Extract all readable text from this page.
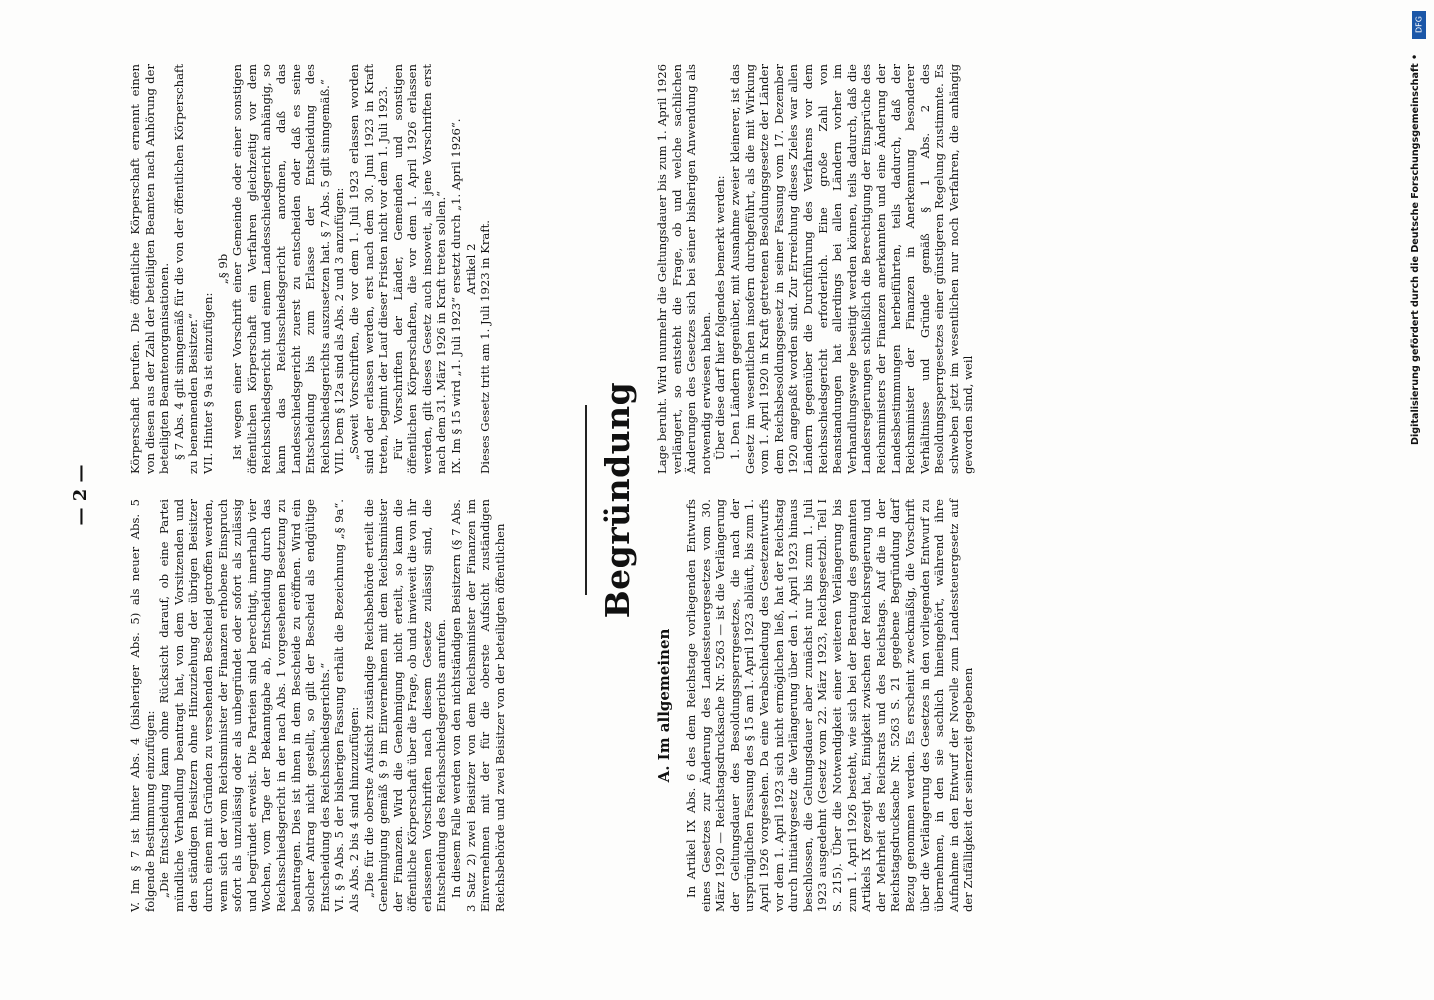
— 2 —

V. Im § 7 ist hinter Abs. 4 (bisheriger Abs. 5) als neuer Abs. 5 folgende Bestimmung einzufügen: „Die Entscheidung kann ohne Rücksicht darauf, ob eine Partei mündliche Verhandlung beantragt hat, von dem Vorsitzenden und den ständigen Beisitzern ohne Hinzuziehung der übrigen Beisitzer durch einen mit Gründen zu versehenden Bescheid getroffen werden, wenn sich der vom Reichsminister der Finanzen erhobene Einspruch sofort als unzulässig oder als unbegründet oder sofort als zulässig und begründet erweist. Die Parteien sind berechtigt, innerhalb vier Wochen, vom Tage der Bekanntgabe ab, Entscheidung durch das Reichsschiedsgericht in der nach Abs. 1 vorgesehenen Besetzung zu beantragen. Dies ist ihnen in dem Bescheide zu eröffnen. Wird ein solcher Antrag nicht gestellt, so gilt der Bescheid als endgültige Entscheidung des Reichsschiedsgerichts.“ VI. § 9 Abs. 5 der bisherigen Fassung erhält die Bezeichnung „§ 9a“. Als Abs. 2 bis 4 sind hinzuzufügen: „Die für die oberste Aufsicht zuständige Reichsbehörde erteilt die Genehmigung gemäß § 9 im Einvernehmen mit dem Reichsminister der Finanzen. Wird die Genehmigung nicht erteilt, so kann die öffentliche Körperschaft über die Frage, ob und inwieweit die von ihr erlassenen Vorschriften nach diesem Gesetze zulässig sind, die Entscheidung des Reichsschiedsgerichts anrufen. In diesem Falle werden von den nichtständigen Beisitzern (§ 7 Abs. 3 Satz 2) zwei Beisitzer von dem Reichsminister der Finanzen im Einvernehmen mit der für die oberste Aufsicht zuständigen Reichsbehörde und zwei Beisitzer von der beteiligten öffentlichen

Körperschaft berufen. Die öffentliche Körperschaft ernennt einen von diesen aus der Zahl der beteiligten Beamten nach Anhörung der beteiligten Beamtenorganisationen. § 7 Abs. 4 gilt sinngemäß für die von der öffentlichen Körperschaft zu benennenden Beisitzer.“ VII. Hinter § 9a ist einzufügen:

„§ 9b Ist wegen einer Vorschrift einer Gemeinde oder einer sonstigen öffentlichen Körperschaft ein Verfahren gleichzeitig vor dem Reichsschiedsgericht und einem Landesschiedsgericht anhängig, so kann das Reichsschiedsgericht anordnen, daß das Landesschiedsgericht zuerst zu entscheiden oder daß es seine Entscheidung bis zum Erlasse der Entscheidung des Reichsschiedsgerichts auszusetzen hat. § 7 Abs. 5 gilt sinngemäß.“ VIII. Dem § 12a sind als Abs. 2 und 3 anzufügen: „Soweit Vorschriften, die vor dem 1. Juli 1923 erlassen worden sind oder erlassen werden, erst nach dem 30. Juni 1923 in Kraft treten, beginnt der Lauf dieser Fristen nicht vor dem 1. Juli 1923. Für Vorschriften der Länder, Gemeinden und sonstigen öffentlichen Körperschaften, die vor dem 1. April 1926 erlassen werden, gilt dieses Gesetz auch insoweit, als jene Vorschriften erst nach dem 31. März 1926 in Kraft treten sollen.“ IX. Im § 15 wird „1. Juli 1923“ ersetzt durch „1. April 1926“. Artikel 2 Dieses Gesetz tritt am 1. Juli 1923 in Kraft.

Begründung
A. Im allgemeinen In Artikel IX Abs. 6 des dem Reichstage vorliegenden Entwurfs eines Gesetzes zur Änderung des Landessteuergesetzes vom 30. März 1920 — Reichstagsdrucksache Nr. 5263 — ist die Verlängerung der Geltungsdauer des Besoldungssperrgesetzes, die nach der ursprünglichen Fassung des § 15 am 1. April 1923 abläuft, bis zum 1. April 1926 vorgesehen. Da eine Verabschiedung des Gesetzentwurfs vor dem 1. April 1923 sich nicht ermöglichen ließ, hat der Reichstag durch Initiativgesetz die Verlängerung über den 1. April 1923 hinaus beschlossen, die Geltungsdauer aber zunächst nur bis zum 1. Juli 1923 ausgedehnt (Gesetz vom 22. März 1923, Reichsgesetzbl. Teil I S. 215). Über die Notwendigkeit einer weiteren Verlängerung bis zum 1. April 1926 besteht, wie sich bei der Beratung des genannten Artikels IX gezeigt hat, Einigkeit zwischen der Reichsregierung und der Mehrheit des Reichsrats und des Reichstags. Auf die in der Reichstagsdrucksache Nr. 5263 S. 21 gegebene Begründung darf Bezug genommen werden. Es erscheint zweckmäßig, die Vorschrift über die Verlängerung des Gesetzes in den vorliegenden Entwurf zu übernehmen, in den sie sachlich hineingehört, während ihre Aufnahme in den Entwurf der Novelle zum Landessteuergesetz auf der Zufälligkeit der seinerzeit gegebenen

Lage beruht. Wird nunmehr die Geltungsdauer bis zum 1. April 1926 verlängert, so entsteht die Frage, ob und welche sachlichen Änderungen des Gesetzes sich bei seiner bisherigen Anwendung als notwendig erwiesen haben. Über diese darf hier folgendes bemerkt werden: 1. Den Ländern gegenüber, mit Ausnahme zweier kleinerer, ist das Gesetz im wesentlichen insofern durchgeführt, als die mit Wirkung vom 1. April 1920 in Kraft getretenen Besoldungsgesetze der Länder dem Reichsbesoldungsgesetz in seiner Fassung vom 17. Dezember 1920 angepaßt worden sind. Zur Erreichung dieses Zieles war allen Ländern gegenüber die Durchführung des Verfahrens vor dem Reichsschiedsgericht erforderlich. Eine große Zahl von Beanstandungen hat allerdings bei allen Ländern vorher im Verhandlungswege beseitigt werden können, teils dadurch, daß die Landesregierungen schließlich die Berechtigung der Einsprüche des Reichsministers der Finanzen anerkannten und eine Änderung der Landesbestimmungen herbeiführten, teils dadurch, daß der Reichsminister der Finanzen in Anerkennung besonderer Verhältnisse und Gründe gemäß § 1 Abs. 2 des Besoldungssperrgesetzes einer günstigeren Regelung zustimmte. Es schweben jetzt im wesentlichen nur noch Verfahren, die anhängig geworden sind, weil

DFG
Digitalisierung gefördert durch die Deutsche Forschungsgemeinschaft •
